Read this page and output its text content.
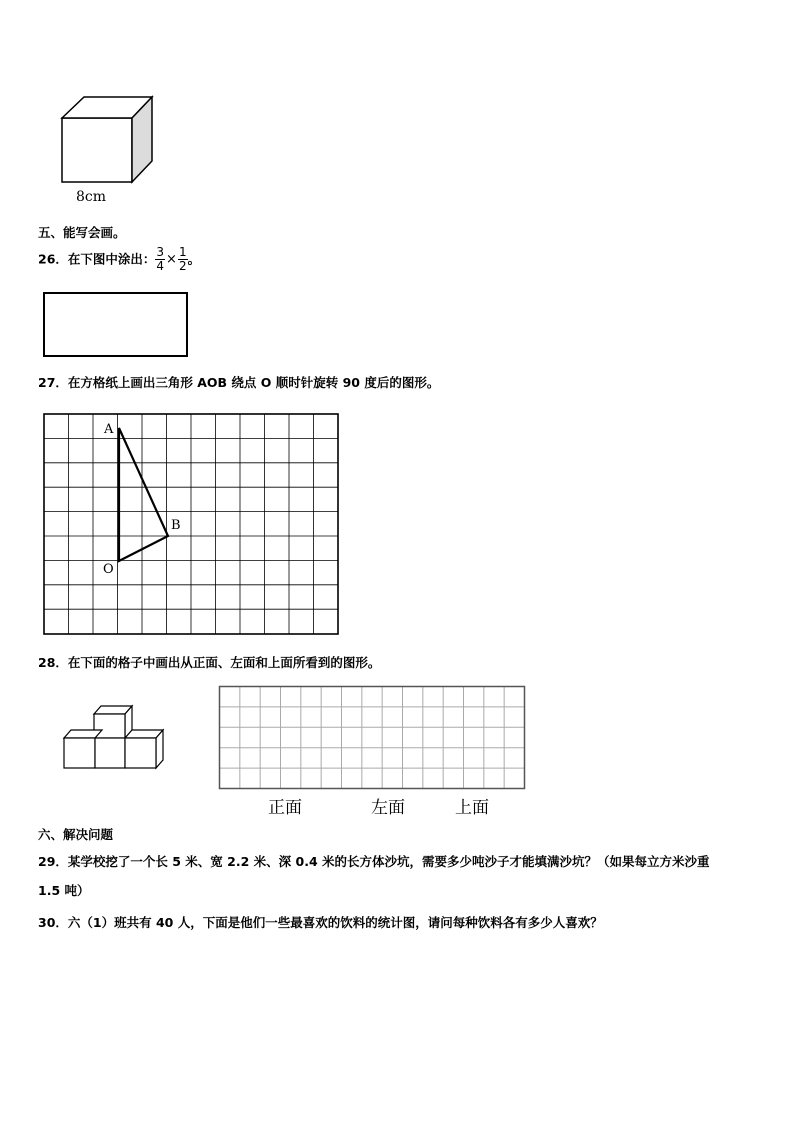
8cm
五、能写会画。
26．在下图中涂出： $\frac{3}{4} \times \frac{1}{2}$ 。
27．在方格纸上画出三角形 AOB 绕点 O 顺时针旋转 90 度后的图形。
A
B
O
28．在下面的格子中画出从正面、左面和上面所看到的图形。
正面	左面	上面
六、解决问题
29．某学校挖了一个长 5 米、宽 2.2 米、深 0.4 米的长方体沙坑，需要多少吨沙子才能填满沙坑？（如果每立方米沙重
1.5 吨）
30．六（1）班共有 40 人，下面是他们一些最喜欢的饮料的统计图，请问每种饮料各有多少人喜欢？
